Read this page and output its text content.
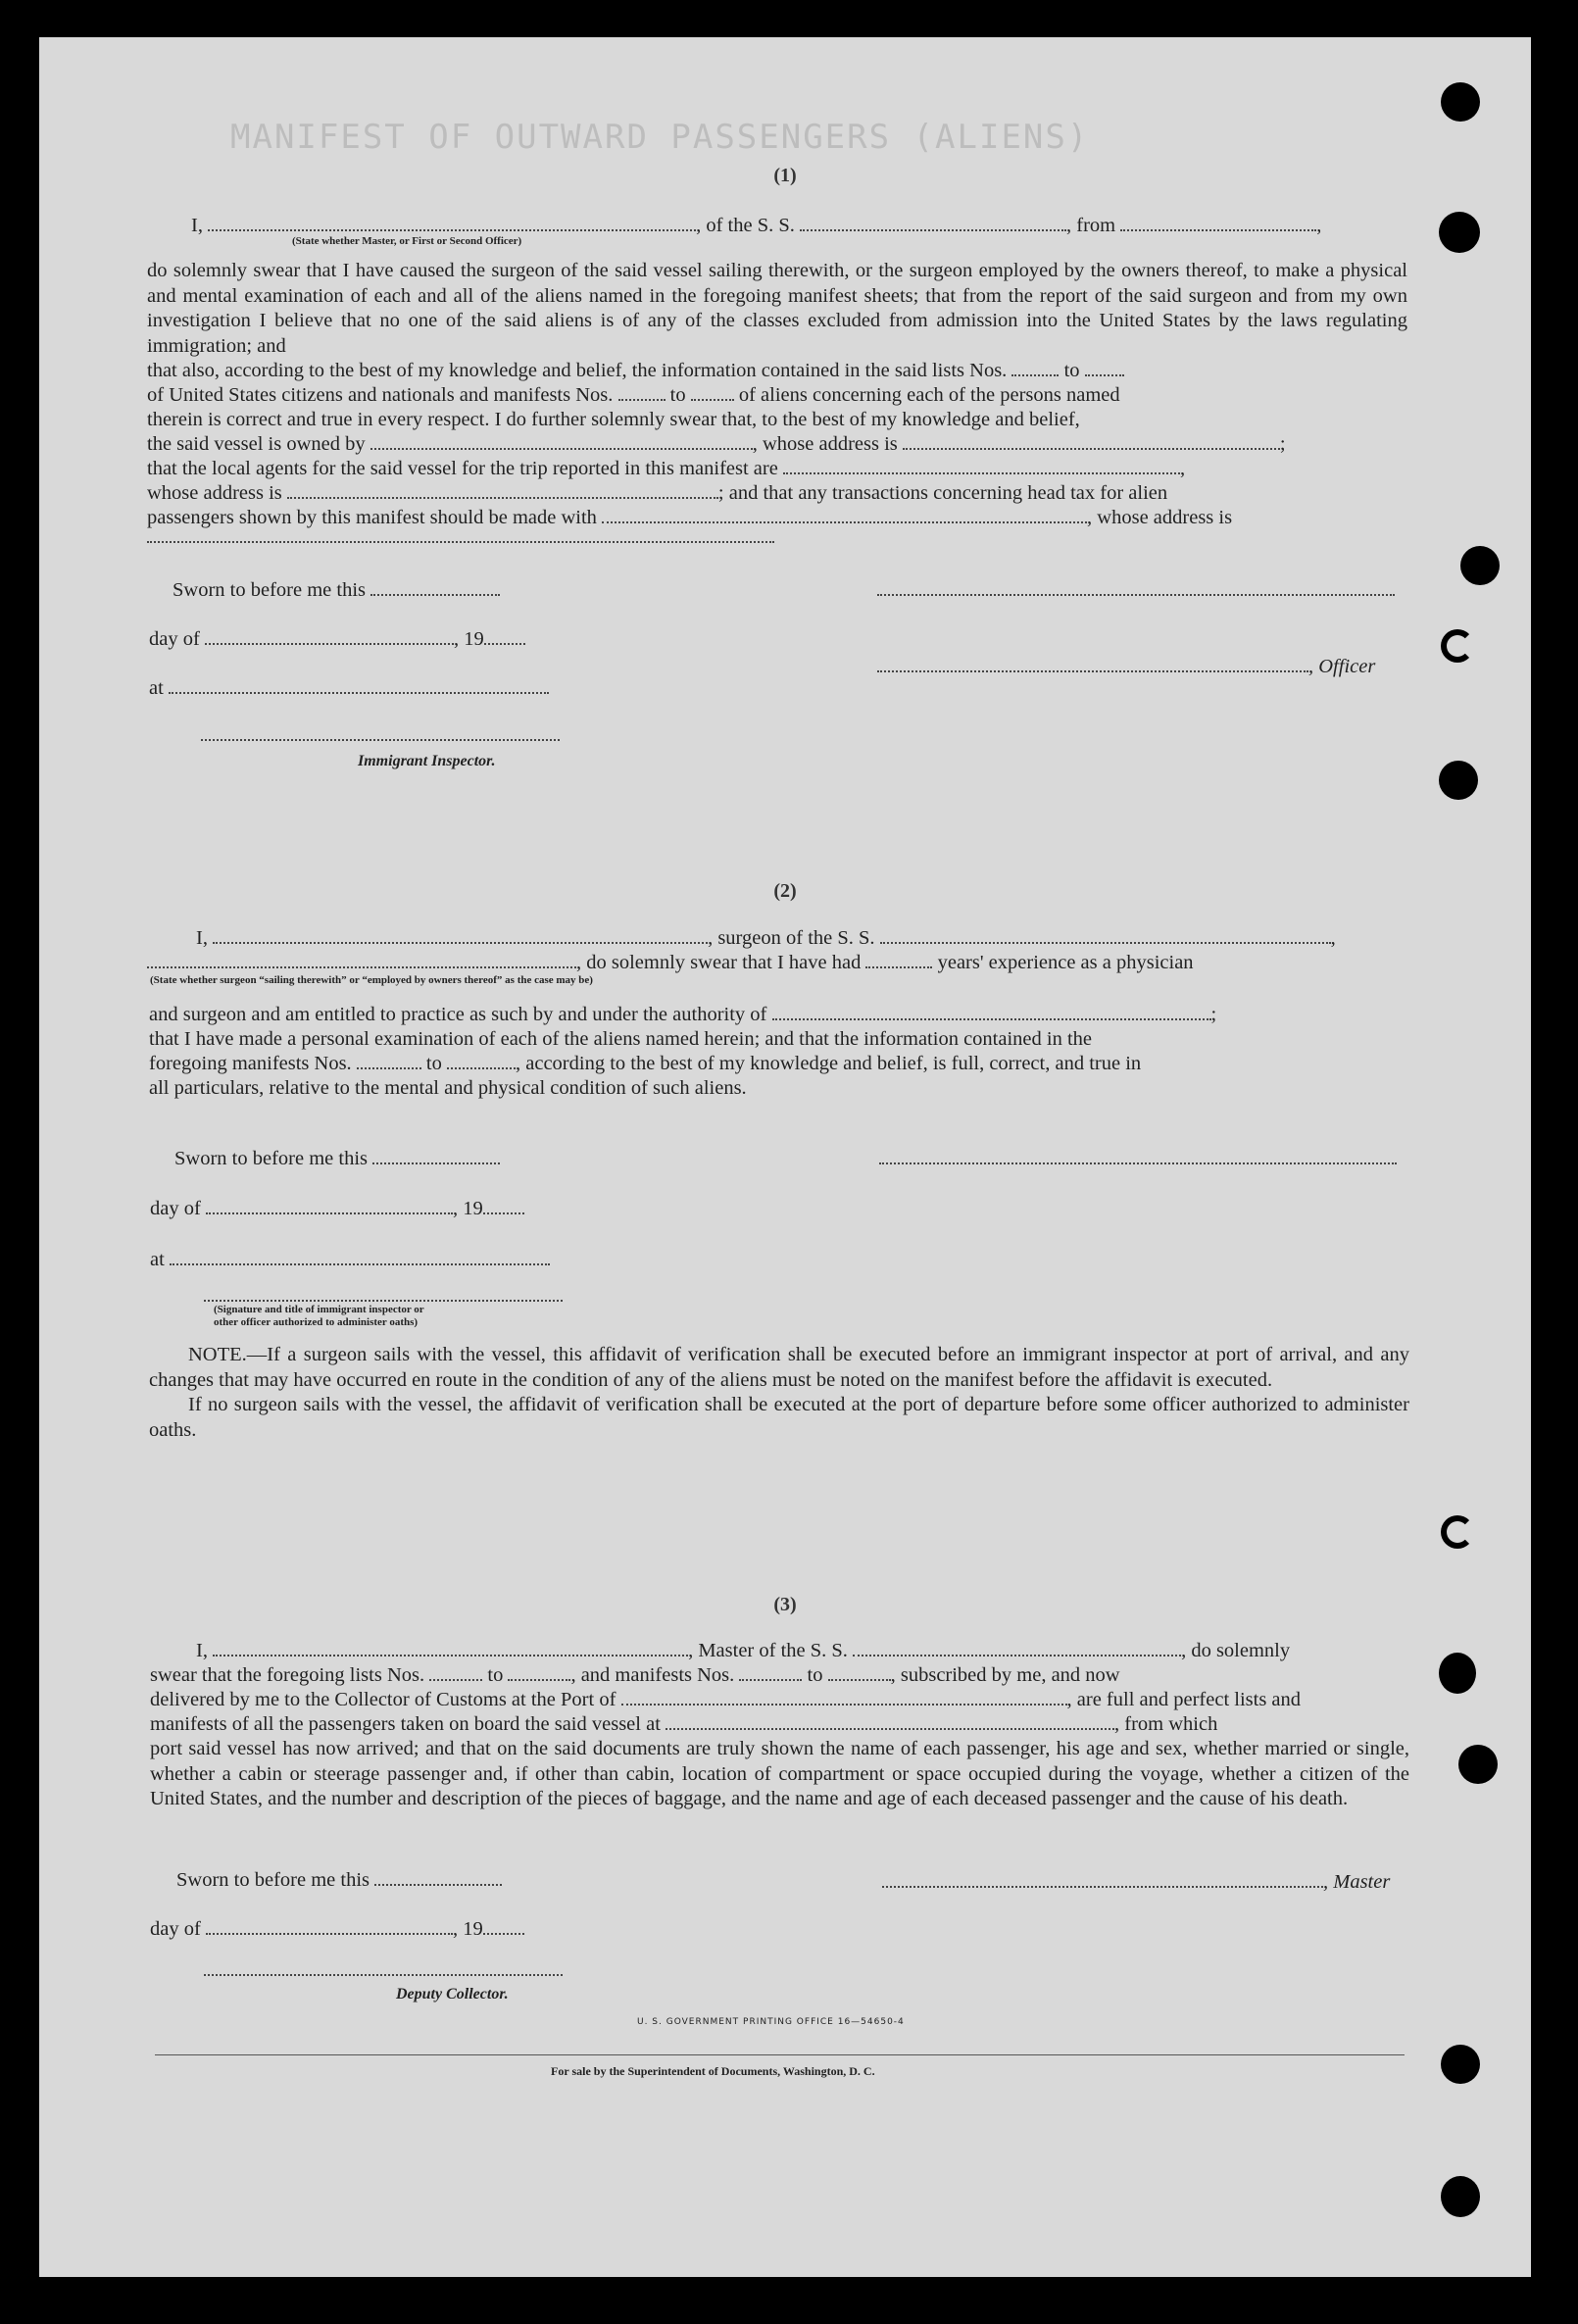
MANIFEST OF OUTWARD PASSENGERS (ALIENS)
(1)
I,	, of the S. S.	, from	,
(State whether Master, or First or Second Officer)
do solemnly swear that I have caused the surgeon of the said vessel sailing therewith, or the surgeon employed by the owners thereof, to make a physical and mental examination of each and all of the aliens named in the foregoing manifest sheets; that from the report of the said surgeon and from my own investigation I believe that no one of the said aliens is of any of the classes excluded from admission into the United States by the laws regulating immigration; and
that also, according to the best of my knowledge and belief, the information contained in the said lists Nos.	to
of United States citizens and nationals and manifests Nos.	to	of aliens concerning each of the persons named
therein is correct and true in every respect. I do further solemnly swear that, to the best of my knowledge and belief,
the said vessel is owned by	, whose address is	;
that the local agents for the said vessel for the trip reported in this manifest are	,
whose address is	; and that any transactions concerning head tax for alien
passengers shown by this manifest should be made with	, whose address is
Sworn to before me this
day of	, 19
, Officer
at
Immigrant Inspector.
(2)
I,	, surgeon of the S. S.	,
, do solemnly swear that I have had	years' experience as a physician
(State whether surgeon “sailing therewith” or “employed by owners thereof” as the case may be)
and surgeon and am entitled to practice as such by and under the authority of	;
that I have made a personal examination of each of the aliens named herein; and that the information contained in the
foregoing manifests Nos.	to	, according to the best of my knowledge and belief, is full, correct, and true in
all particulars, relative to the mental and physical condition of such aliens.
Sworn to before me this
day of	, 19
at
(Signature and title of immigrant inspector or
other officer authorized to administer oaths)

NOTE.—If a surgeon sails with the vessel, this affidavit of verification shall be executed before an immigrant inspector at port of arrival, and any changes that may have occurred en route in the condition of any of the aliens must be noted on the manifest before the affidavit is executed.

If no surgeon sails with the vessel, the affidavit of verification shall be executed at the port of departure before some officer authorized to administer oaths.

(3)
I,	, Master of the S. S.	, do solemnly
swear that the foregoing lists Nos.	to	, and manifests Nos.	to	, subscribed by me, and now
delivered by me to the Collector of Customs at the Port of	, are full and perfect lists and
manifests of all the passengers taken on board the said vessel at	, from which
port said vessel has now arrived; and that on the said documents are truly shown the name of each passenger, his age and sex, whether married or single, whether a cabin or steerage passenger and, if other than cabin, location of compartment or space occupied during the voyage, whether a citizen of the United States, and the number and description of the pieces of baggage, and the name and age of each deceased passenger and the cause of his death.
Sworn to before me this	, Master
day of	, 19
Deputy Collector.
U. S. GOVERNMENT PRINTING OFFICE 16—54650-4
For sale by the Superintendent of Documents, Washington, D. C.
